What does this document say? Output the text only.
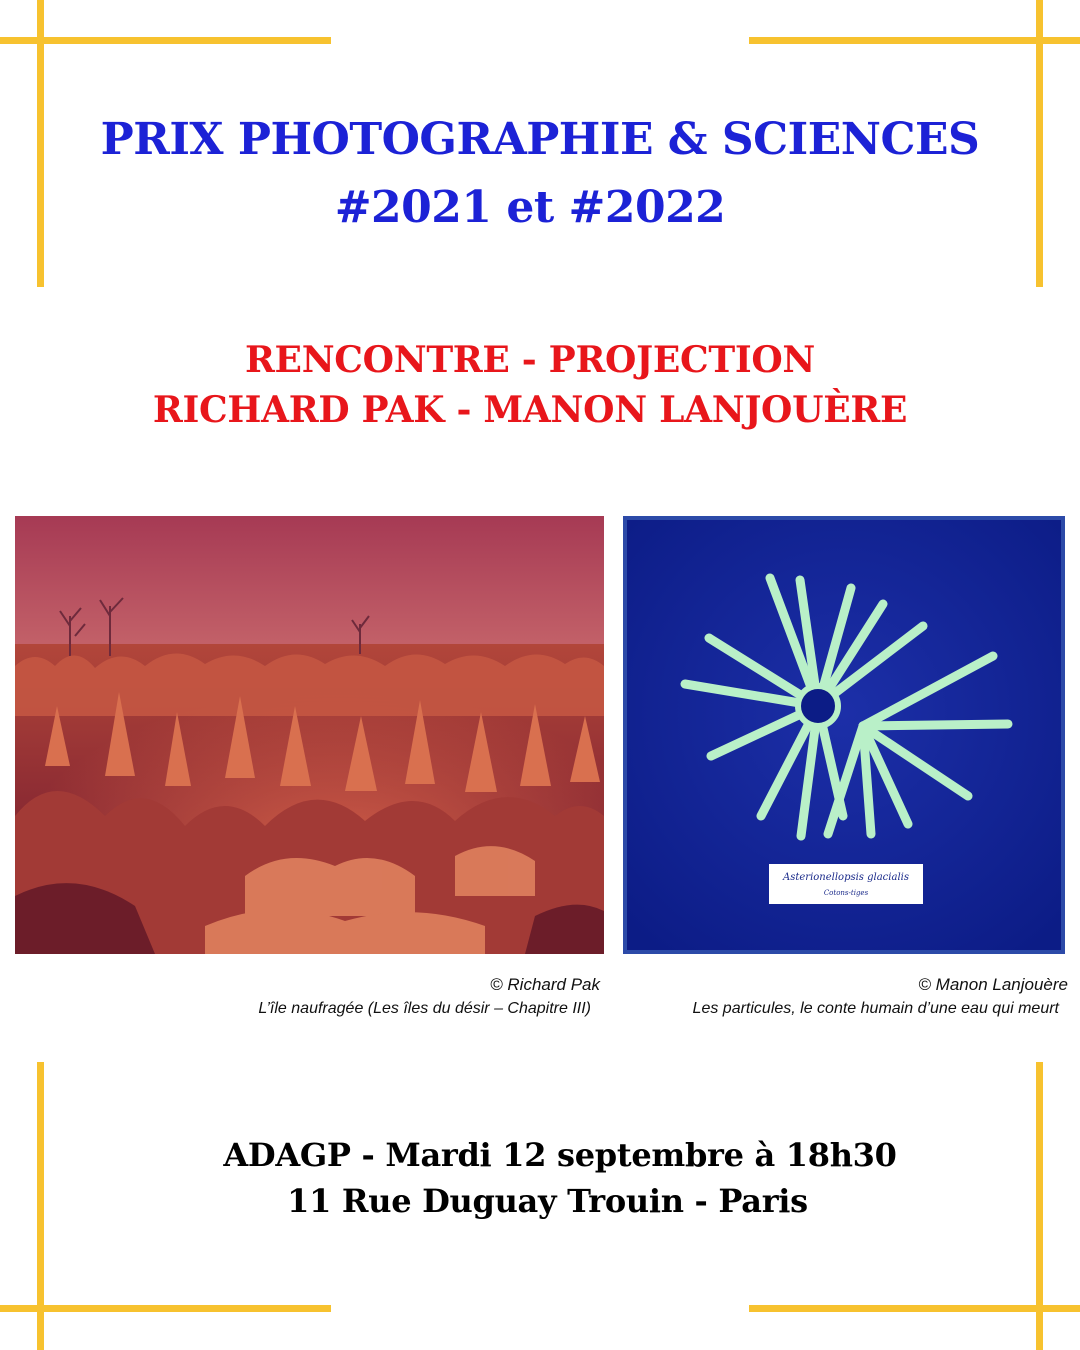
PRIX PHOTOGRAPHIE & SCIENCES
#2021 et #2022
RENCONTRE - PROJECTION
RICHARD PAK - MANON LANJOUÈRE
Asterionellopsis glacialis
Cotons-tiges
© Richard Pak
L’île naufragée (Les îles du désir – Chapitre III)
© Manon Lanjouère
Les particules, le conte humain d’une eau qui meurt
ADAGP - Mardi 12 septembre à 18h30
11 Rue Duguay Trouin - Paris
